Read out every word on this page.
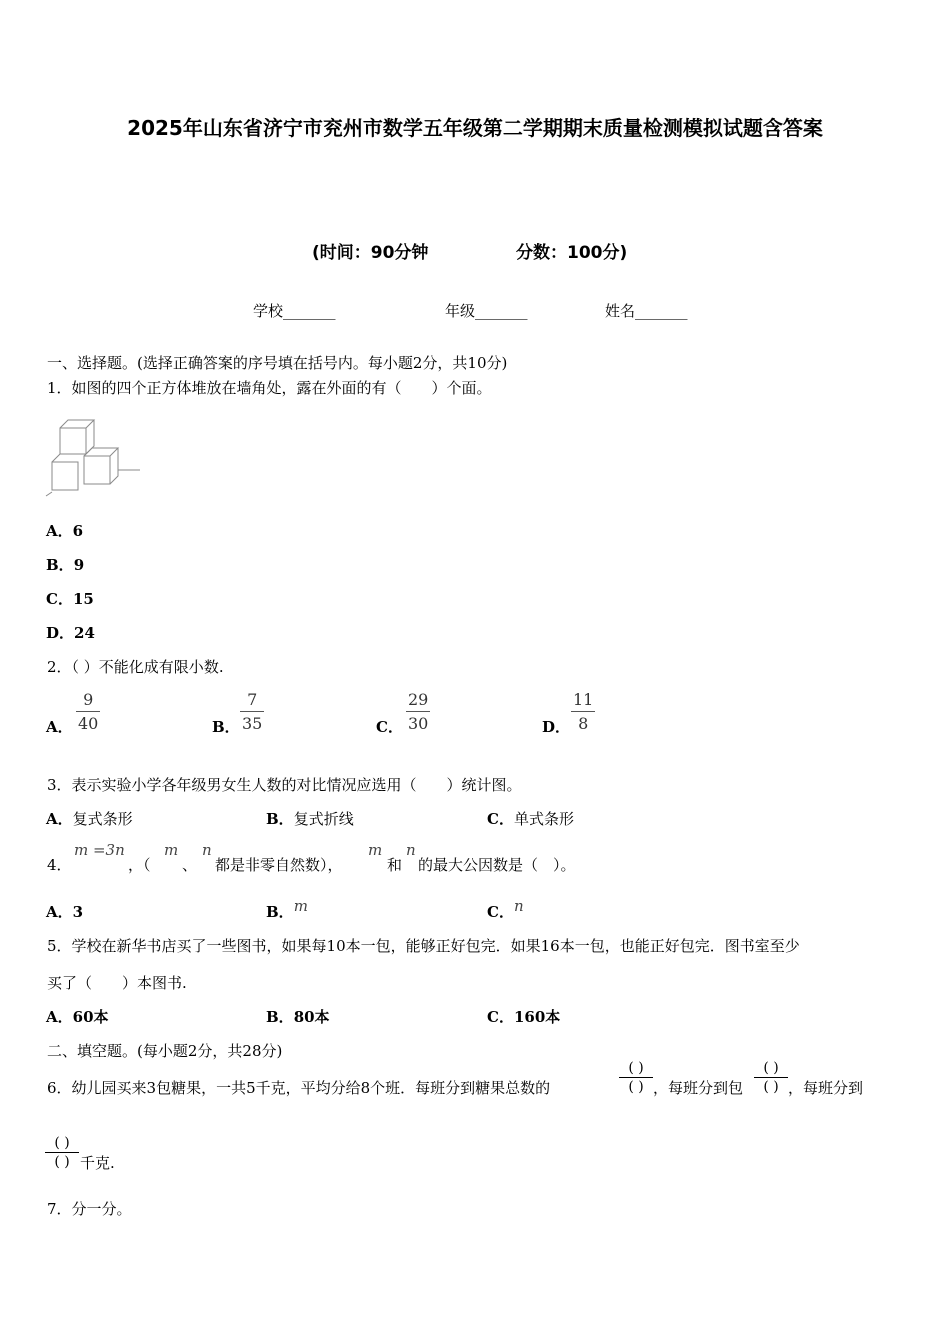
2025年山东省济宁市兖州市数学五年级第二学期期末质量检测模拟试题含答案
(时间：90分钟	分数：100分)
学校_______	年级_______	姓名_______
一、选择题。(选择正确答案的序号填在括号内。每小题2分，共10分)
1．如图的四个正方体堆放在墙角处，露在外面的有（　　）个面。
A．6
B．9
C．15
D．24
2．（ ）不能化成有限小数.
A．
9
40	B．
7
35	C．
29
30	D．
11
8
3．表示实验小学各年级男女生人数的对比情况应选用（　　）统计图。
A．复式条形	B．复式折线	C．单式条形
4．
m =3n
，（
m
、
n
都是非零自然数），
m
和
n
的最大公因数是（　）。
A．3	B．m	C．n
5．学校在新华书店买了一些图书，如果每10本一包，能够正好包完．如果16本一包，也能正好包完．图书室至少
买了（　　）本图书.
A．60本	B．80本	C．160本
二、填空题。(每小题2分，共28分)
6．幼儿园买来3包糖果，一共5千克，平均分给8个班．每班分到糖果总数的
( )
( ) ，每班分到包
( )
( ) ，每班分到
( )
( ) 千克.
7．分一分。
